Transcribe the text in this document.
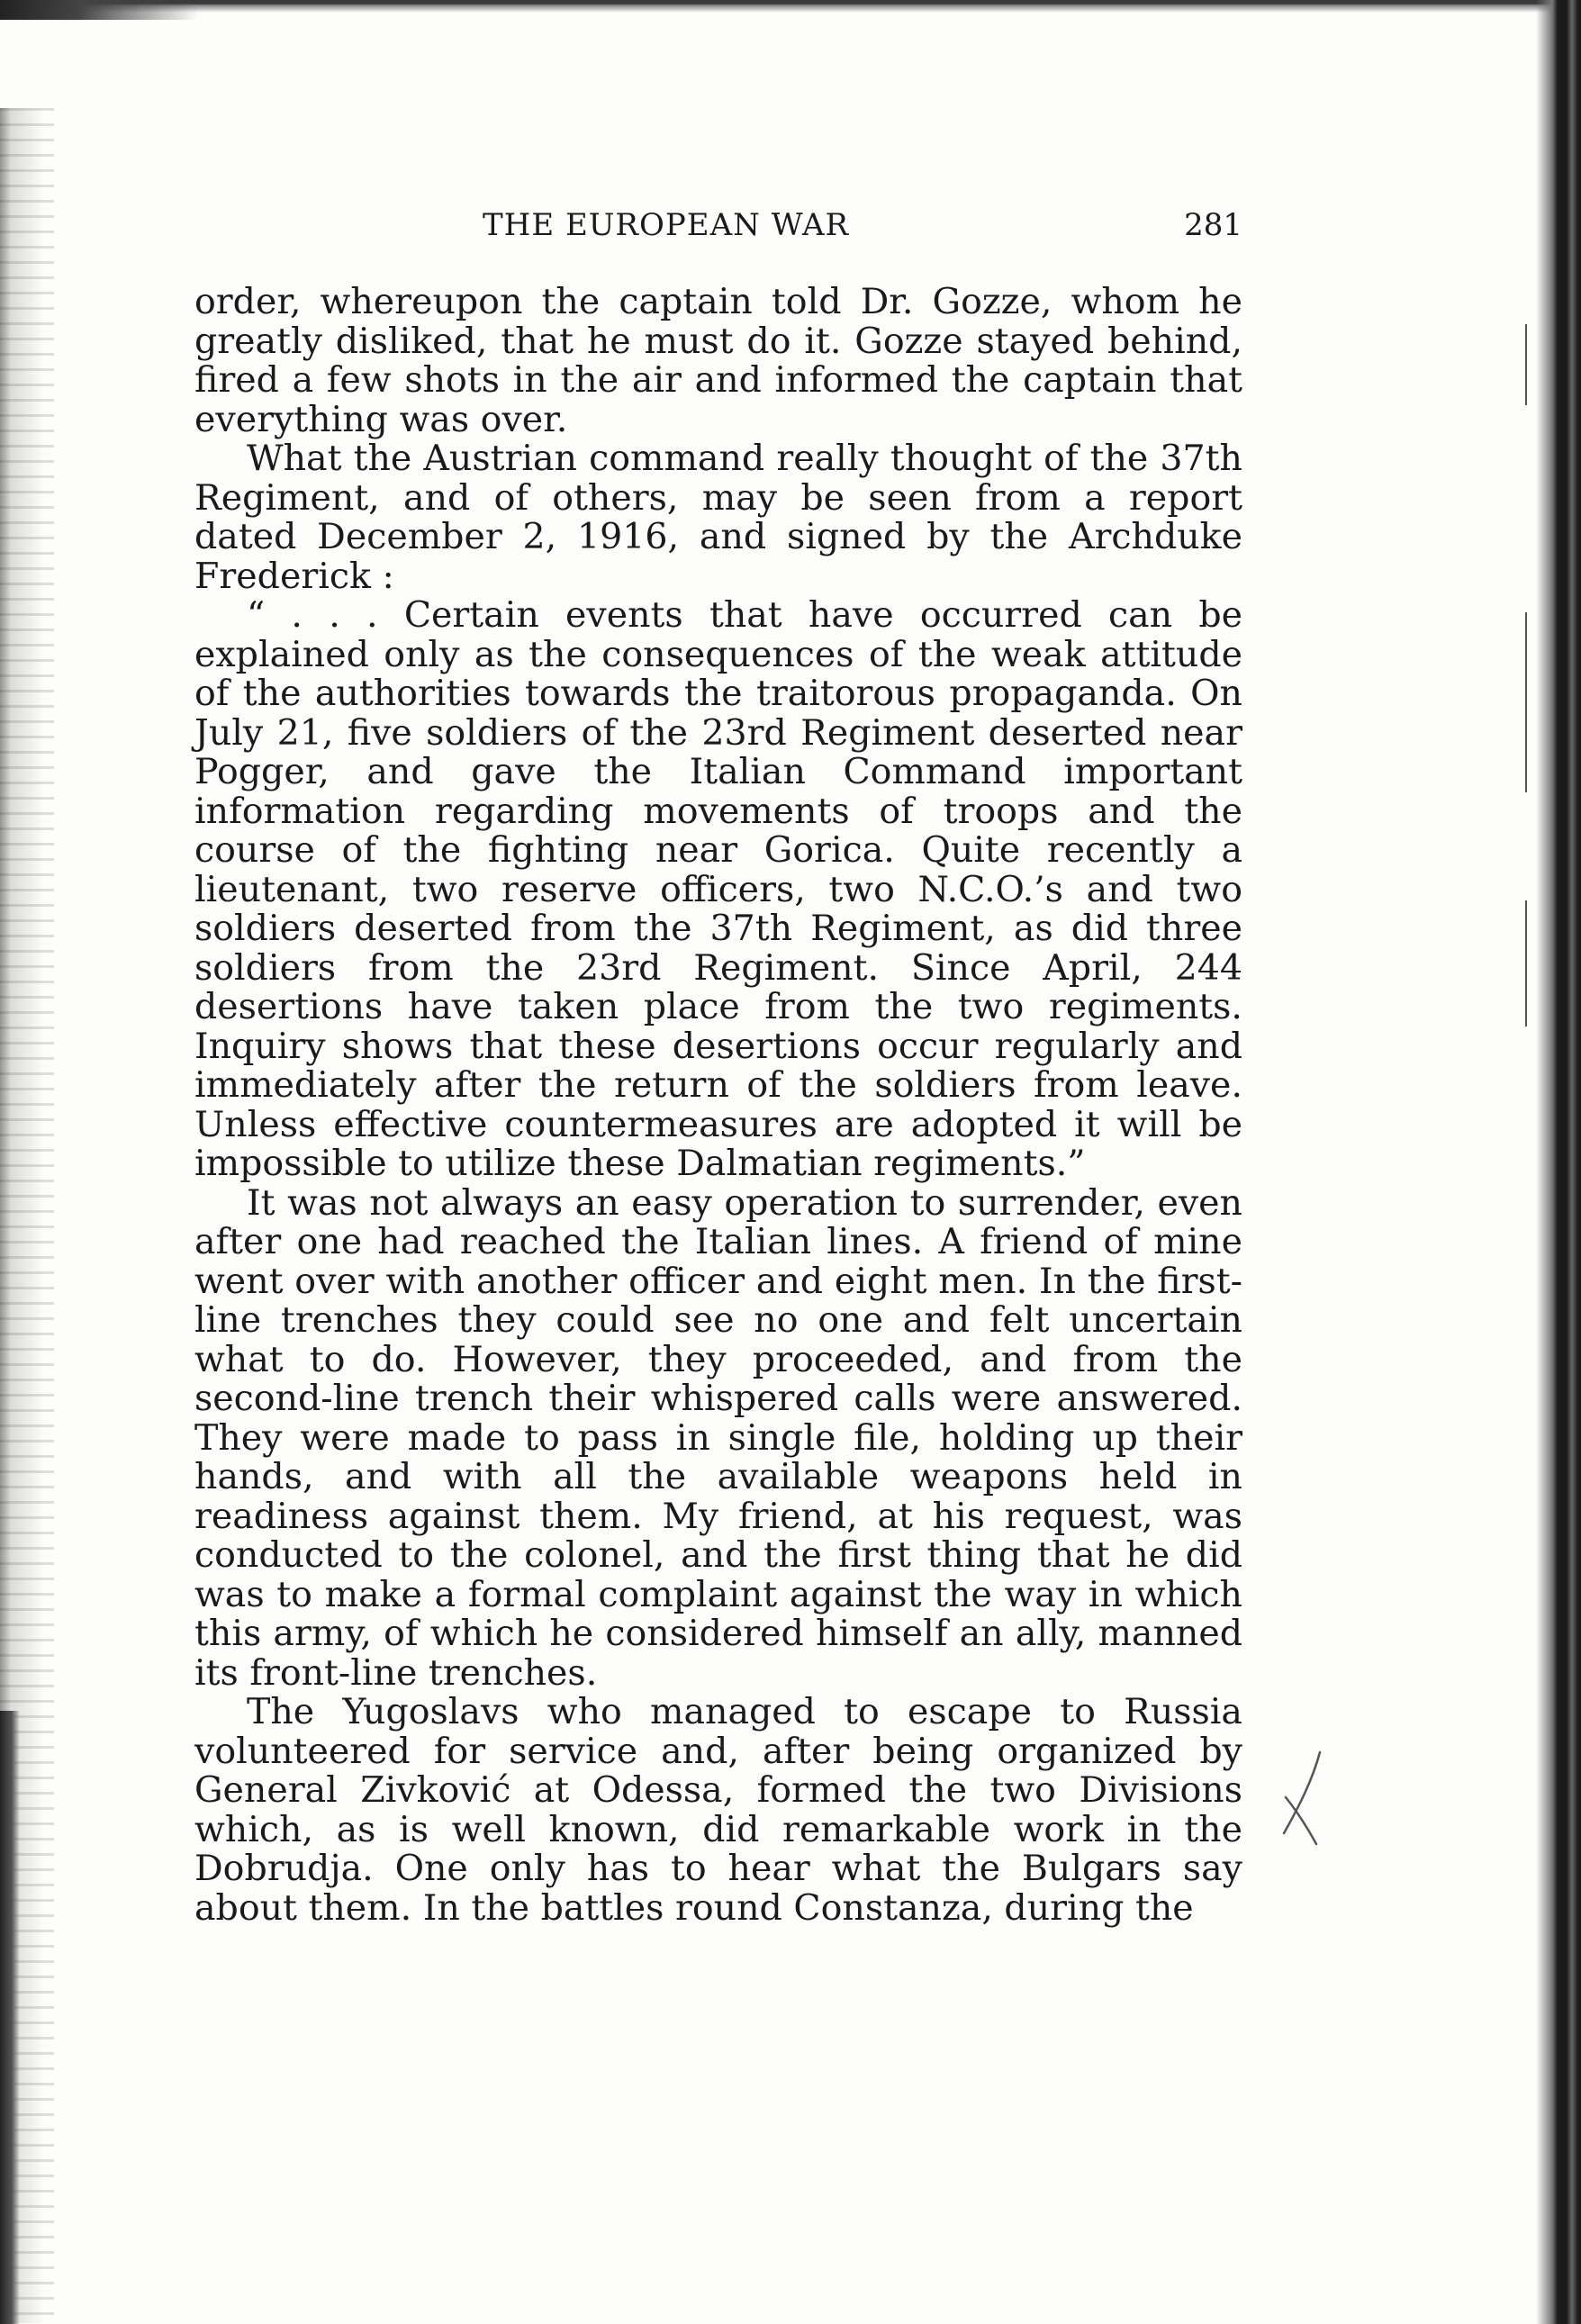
THE EUROPEAN WAR	281

order, whereupon the captain told Dr. Gozze, whom he greatly disliked, that he must do it. Gozze stayed behind, fired a few shots in the air and informed the captain that everything was over.

What the Austrian command really thought of the 37th Regiment, and of others, may be seen from a report dated December 2, 1916, and signed by the Archduke Frederick :

“ . . . Certain events that have occurred can be explained only as the consequences of the weak attitude of the authorities towards the traitorous propaganda. On July 21, five soldiers of the 23rd Regiment deserted near Pogger, and gave the Italian Command important information regarding movements of troops and the course of the fighting near Gorica. Quite recently a lieutenant, two reserve officers, two N.C.O.’s and two soldiers deserted from the 37th Regiment, as did three soldiers from the 23rd Regiment. Since April, 244 desertions have taken place from the two regiments. Inquiry shows that these desertions occur regularly and immediately after the return of the soldiers from leave. Unless effective countermeasures are adopted it will be impossible to utilize these Dalmatian regiments.”

It was not always an easy operation to surrender, even after one had reached the Italian lines. A friend of mine went over with another officer and eight men. In the first-line trenches they could see no one and felt uncertain what to do. However, they proceeded, and from the second-line trench their whispered calls were answered. They were made to pass in single file, holding up their hands, and with all the available weapons held in readiness against them. My friend, at his request, was conducted to the colonel, and the first thing that he did was to make a formal complaint against the way in which this army, of which he considered himself an ally, manned its front-line trenches.

The Yugoslavs who managed to escape to Russia volunteered for service and, after being organized by General Zivković at Odessa, formed the two Divisions which, as is well known, did remarkable work in the Dobrudja. One only has to hear what the Bulgars say about them. In the battles round Constanza, during the
